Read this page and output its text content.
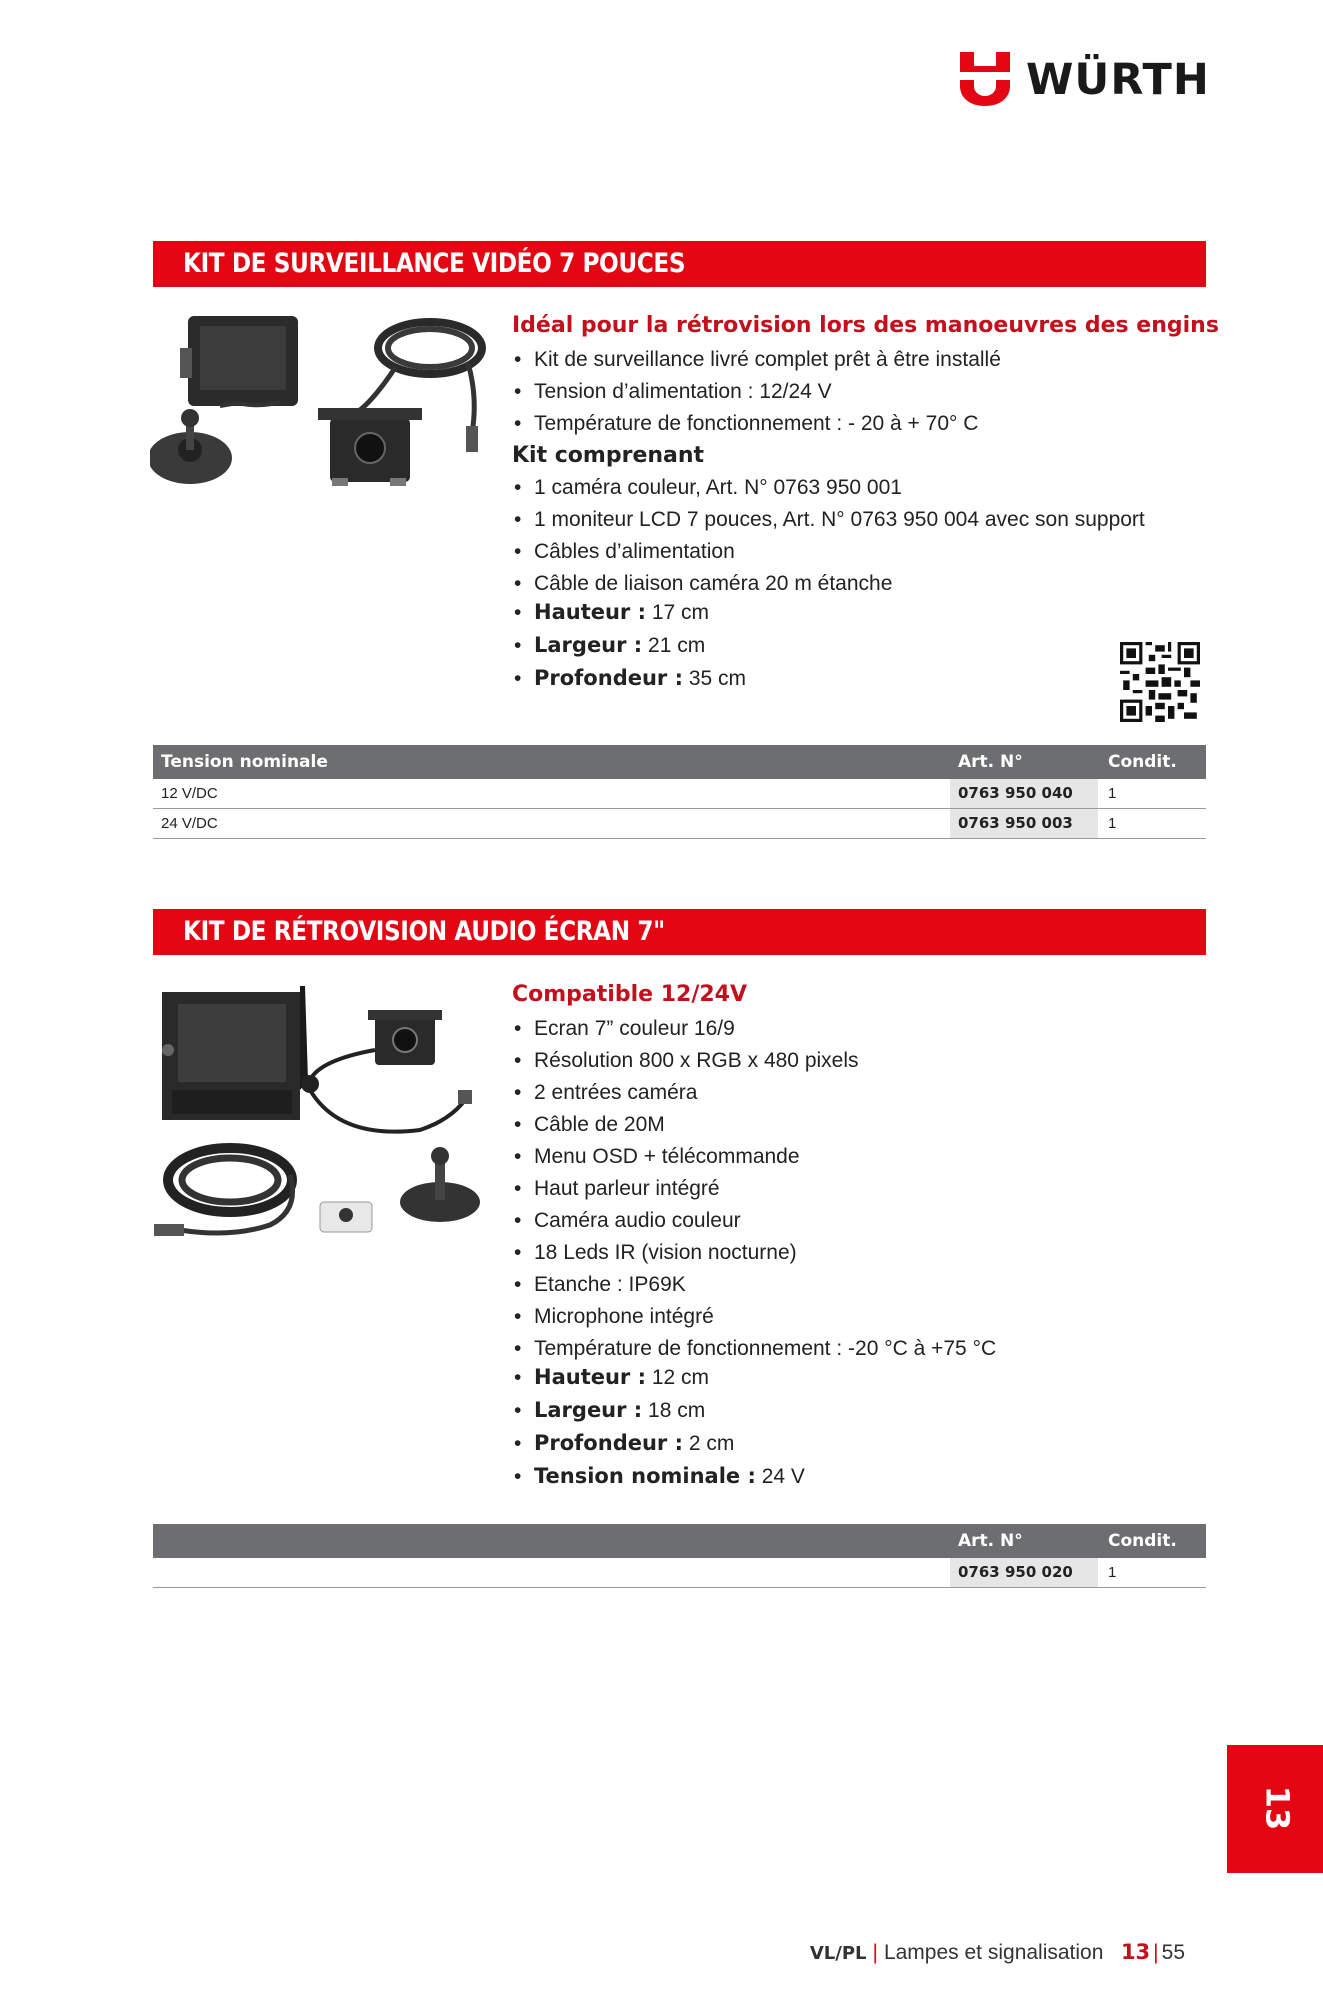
WÜRTH
KIT DE SURVEILLANCE VIDÉO 7 POUCES
Idéal pour la rétrovision lors des manoeuvres des engins
• Kit de surveillance livré complet prêt à être installé
• Tension d’alimentation : 12/24 V
• Température de fonctionnement : - 20 à + 70° C
Kit comprenant
• 1 caméra couleur, Art. N° 0763 950 001
• 1 moniteur LCD 7 pouces, Art. N° 0763 950 004 avec son support
• Câbles d’alimentation
• Câble de liaison caméra 20 m étanche
• Hauteur : 17 cm
• Largeur : 21 cm
• Profondeur : 35 cm
Tension nominale	Art. N°	Condit.
12 V/DC	0763 950 040	1
24 V/DC	0763 950 003	1
KIT DE RÉTROVISION AUDIO ÉCRAN 7"
Compatible 12/24V
• Ecran 7” couleur 16/9
• Résolution 800 x RGB x 480 pixels
• 2 entrées caméra
• Câble de 20M
• Menu OSD + télécommande
• Haut parleur intégré
• Caméra audio couleur
• 18 Leds IR (vision nocturne)
• Etanche : IP69K
• Microphone intégré
• Température de fonctionnement : -20 °C à +75 °C
• Hauteur : 12 cm
• Largeur : 18 cm
• Profondeur : 2 cm
• Tension nominale : 24 V
Art. N°	Condit.
0763 950 020	1
13
VL/PL | Lampes et signalisation 13 | 55
